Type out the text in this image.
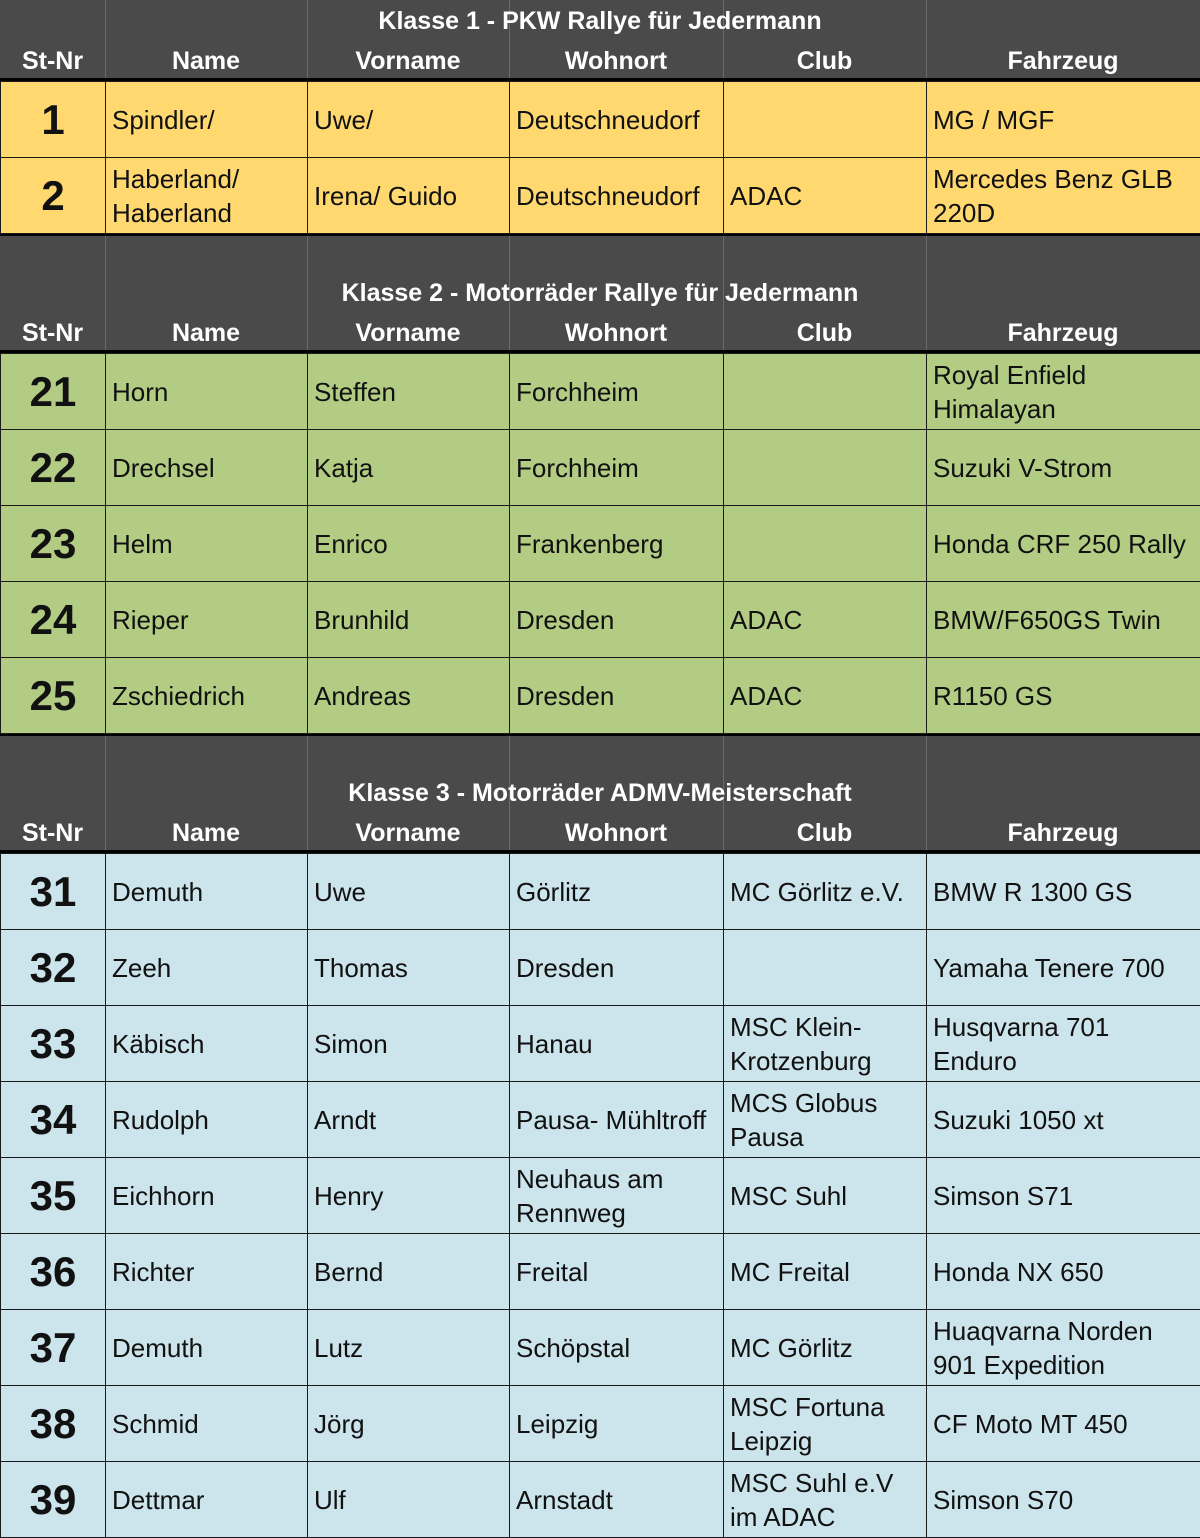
Klasse 1 - PKW Rallye für Jedermann
St-Nr	Name	Vorname	Wohnort	Club	Fahrzeug
1	Spindler/	Uwe/	Deutschneudorf		MG / MGF
2	Haberland/ Haberland	Irena/ Guido	Deutschneudorf	ADAC	Mercedes Benz GLB 220D
Klasse 2 - Motorräder Rallye für Jedermann
St-Nr	Name	Vorname	Wohnort	Club	Fahrzeug
21	Horn	Steffen	Forchheim		Royal Enfield Himalayan
22	Drechsel	Katja	Forchheim		Suzuki V-Strom
23	Helm	Enrico	Frankenberg		Honda CRF 250 Rally
24	Rieper	Brunhild	Dresden	ADAC	BMW/F650GS Twin
25	Zschiedrich	Andreas	Dresden	ADAC	R1150 GS
Klasse 3 - Motorräder ADMV-Meisterschaft
St-Nr	Name	Vorname	Wohnort	Club	Fahrzeug
31	Demuth	Uwe	Görlitz	MC Görlitz e.V.	BMW R 1300 GS
32	Zeeh	Thomas	Dresden		Yamaha Tenere 700
33	Käbisch	Simon	Hanau	MSC Klein-Krotzenburg	Husqvarna 701 Enduro
34	Rudolph	Arndt	Pausa- Mühltroff	MCS Globus Pausa	Suzuki 1050 xt
35	Eichhorn	Henry	Neuhaus am Rennweg	MSC Suhl	Simson S71
36	Richter	Bernd	Freital	MC Freital	Honda NX 650
37	Demuth	Lutz	Schöpstal	MC Görlitz	Huaqvarna Norden 901 Expedition
38	Schmid	Jörg	Leipzig	MSC Fortuna Leipzig	CF Moto MT 450
39	Dettmar	Ulf	Arnstadt	MSC Suhl e.V im ADAC	Simson S70
